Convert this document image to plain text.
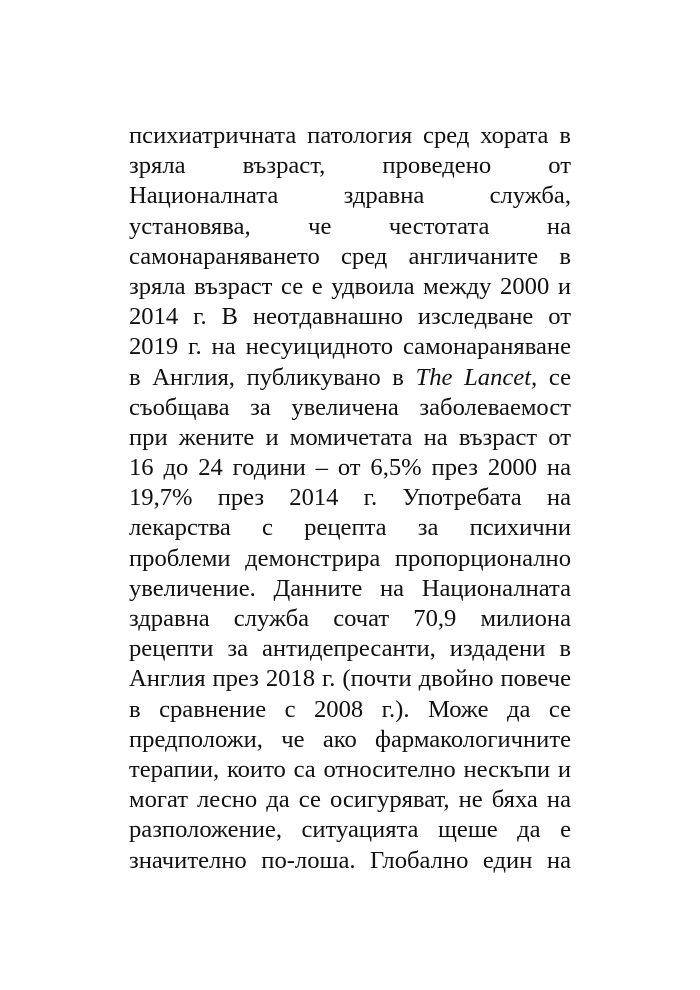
психиатричната патология сред хората в
зряла възраст, проведено от
Националната здравна служба,
установява, че честотата на
самонараняването сред англичаните в
зряла възраст се е удвоила между 2000 и
2014 г. В неотдавнашно изследване от
2019 г. на несуицидното самонараняване
в Англия, публикувано в The Lancet, се
съобщава за увеличена заболеваемост
при жените и момичетата на възраст от
16 до 24 години – от 6,5% през 2000 на
19,7% през 2014 г. Употребата на
лекарства с рецепта за психични
проблеми демонстрира пропорционално
увеличение. Данните на Националната
здравна служба сочат 70,9 милиона
рецепти за антидепресанти, издадени в
Англия през 2018 г. (почти двойно повече
в сравнение с 2008 г.). Може да се
предположи, че ако фармакологичните
терапии, които са относително нескъпи и
могат лесно да се осигуряват, не бяха на
разположение, ситуацията щеше да е
значително по-лоша. Глобално един на
